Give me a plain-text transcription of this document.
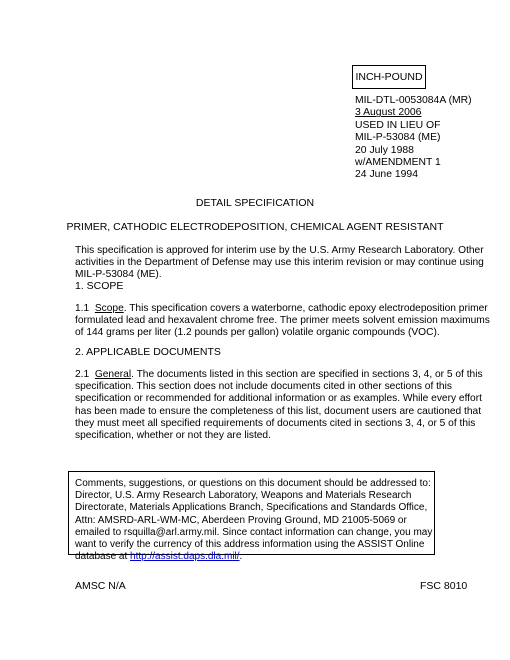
INCH-POUND
MIL-DTL-0053084A (MR)
3 August 2006
USED IN LIEU OF
MIL-P-53084 (ME)
20 July 1988
w/AMENDMENT 1
24 June 1994
DETAIL SPECIFICATION
PRIMER, CATHODIC ELECTRODEPOSITION, CHEMICAL AGENT RESISTANT
This specification is approved for interim use by the U.S. Army Research Laboratory. Other activities in the Department of Defense may use this interim revision or may continue using MIL-P-53084 (ME).
1. SCOPE
1.1 Scope. This specification covers a waterborne, cathodic epoxy electrodeposition primer formulated lead and hexavalent chrome free. The primer meets solvent emission maximums of 144 grams per liter (1.2 pounds per gallon) volatile organic compounds (VOC).
2. APPLICABLE DOCUMENTS
2.1 General. The documents listed in this section are specified in sections 3, 4, or 5 of this specification. This section does not include documents cited in other sections of this specification or recommended for additional information or as examples. While every effort has been made to ensure the completeness of this list, document users are cautioned that they must meet all specified requirements of documents cited in sections 3, 4, or 5 of this specification, whether or not they are listed.
Comments, suggestions, or questions on this document should be addressed to: Director, U.S. Army Research Laboratory, Weapons and Materials Research Directorate, Materials Applications Branch, Specifications and Standards Office, Attn: AMSRD-ARL-WM-MC, Aberdeen Proving Ground, MD 21005-5069 or emailed to rsquilla@arl.army.mil. Since contact information can change, you may want to verify the currency of this address information using the ASSIST Online database at http://assist.daps.dla.mil/.
AMSC N/A	FSC 8010
